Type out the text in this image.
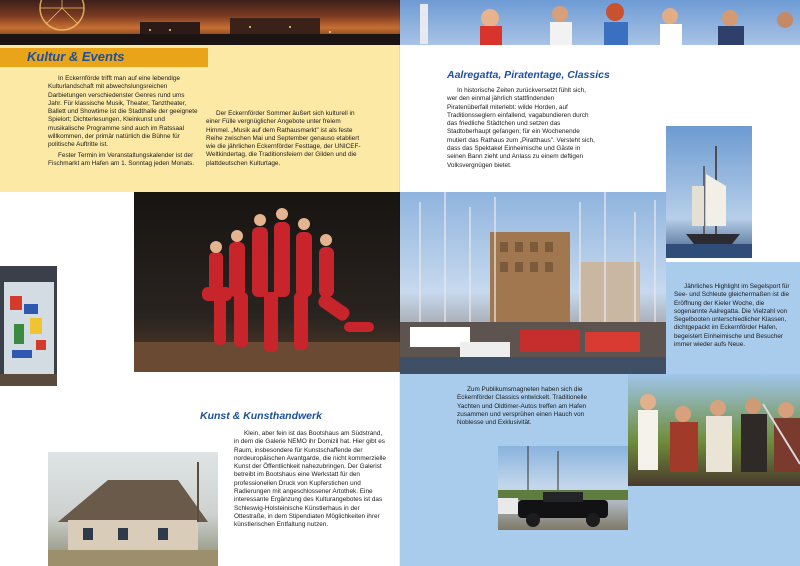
Kultur & Events
In Eckernförde trifft man auf eine lebendige Kulturlandschaft mit abwechslungsreichen Darbietungen verschiedenster Genres rund ums Jahr. Für klassische Musik, Theater, Tanztheater, Ballett und Showtime ist die Stadthalle der geeignete Spielort; Dichterlesungen, Kleinkunst und musikalische Programme sind auch im Ratssaal willkommen, der primär natürlich die Bühne für politische Auftritte ist.
Fester Termin im Veranstaltungskalender ist der Fischmarkt am Hafen am 1. Sonntag jeden Monats.
Der Eckernförder Sommer äußert sich kulturell in einer Fülle vergnüglicher Angebote unter freiem Himmel. „Musik auf dem Rathausmarkt" ist als feste Reihe zwischen Mai und September genauso etabliert wie die jährlichen Eckernförder Festtage, der UNICEF-Weltkindertag, die Traditionsfeiern der Gilden und die plattdeutschen Kulturtage.
Kunst & Kunsthandwerk
Klein, aber fein ist das Bootshaus am Südstrand, in dem die Galerie NEMO ihr Domizil hat. Hier gibt es Raum, insbesondere für Kunstschaffende der nordeuropäischen Avantgarde, die nicht kommerzielle Kunst der Öffentlichkeit nahezubringen. Der Galerist betreibt im Bootshaus eine Werkstatt für den professionellen Druck von Kupferstichen und Radierungen mit angeschlossener Artothek. Eine interessante Ergänzung des Kulturangebotes ist das Schleswig-Holsteinische Künstlerhaus in der Ottestraße, in dem Stipendiaten Möglichkeiten ihrer künstlerischen Entfaltung nutzen.
Aalregatta, Piratentage, Classics
In historische Zeiten zurückversetzt fühlt sich, wer den einmal jährlich stattfindenden Piratenüberfall miterlebt: wilde Horden, auf Traditionsseglern einfallend, vagabundieren durch das friedliche Städtchen und setzen das Stadtoberhaupt gefangen; für ein Wochenende mutiert das Rathaus zum „Piratthaus". Versteht sich, dass das Spektakel Einheimische und Gäste in seinen Bann zieht und Anlass zu einem deftigen Volksvergnügen bietet.
Jährliches Highlight im Segelsport für See- und Schleute gleichermaßen ist die Eröffnung der Kieler Woche, die sogenannte Aalregatta. Die Vielzahl von Segelbooten unterschiedlicher Klassen, dichtgepackt im Eckernförder Hafen, begeistert Einheimische und Besucher immer wieder aufs Neue.
Zum Publikumsmagneten haben sich die Eckernförder Classics entwickelt. Traditionelle Yachten und Oldtimer-Autos treffen am Hafen zusammen und versprühen einen Hauch von Noblesse und Exklusivität.
